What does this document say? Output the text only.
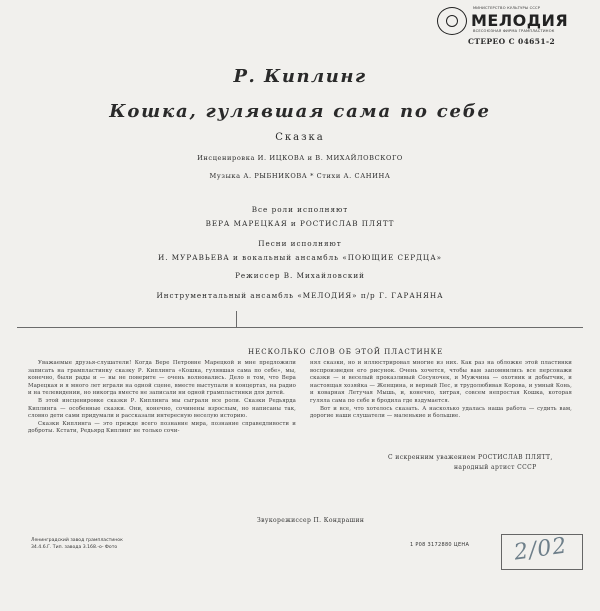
МИНИСТЕРСТВО КУЛЬТУРЫ СССР
МЕЛОДИЯ
ВСЕСОЮЗНАЯ ФИРМА ГРАМПЛАСТИНОК
СТЕРЕО С 04651-2
Р. Киплинг
Кошка, гулявшая сама по себе
Сказка
Инсценировка И. ИЦКОВА и В. МИХАЙЛОВСКОГО
Музыка А. РЫБНИКОВА * Стихи А. САНИНА
Все роли исполняют
ВЕРА МАРЕЦКАЯ и РОСТИСЛАВ ПЛЯТТ
Песни исполняют
И. МУРАВЬЕВА и вокальный ансамбль «ПОЮЩИЕ СЕРДЦА»
Режиссер В. Михайловский
Инструментальный ансамбль «МЕЛОДИЯ» п/р Г. ГАРАНЯНА
НЕСКОЛЬКО СЛОВ ОБ ЭТОЙ ПЛАСТИНКЕ

Уважаемые друзья-слушатели! Когда Вере Петровне Марецкой и мне предложили записать на грампластинку сказку Р. Киплинга «Кошка, гулявшая сама по себе», мы, конечно, были рады и — вы не поверите — очень волновались. Дело в том, что Вера Марецкая и я много лет играли на одной сцене, вместе выступали в концертах, на радио и на телевидении, но никогда вместе не записали ни одной грампластинки для детей.

В этой инсценировке сказки Р. Киплинга мы сыграли все роли. Сказки Редьярда Киплинга — особенные сказки. Они, конечно, сочинены взрослым, но написаны так, словно дети сами придумали и рассказали интересную веселую историю.

Сказки Киплинга — это прежде всего познание мира, познание справедливости и доброты. Кстати, Редьярд Киплинг не только сочи-

нял сказки, но и иллюстрировал многие из них. Как раз на обложке этой пластинки воспроизведен его рисунок. Очень хочется, чтобы вам запомнились все персонажи сказки — и веселый проказливый Сосуночек, и Мужчина — охотник и добытчик, и настоящая хозяйка — Женщина, и верный Пес, и трудолюбивая Корова, и умный Конь, и коварная Летучая Мышь, и, конечно, хитрая, совсем непростая Кошка, которая гуляла сама по себе и бродила где вздумается.

Вот и все, что хотелось сказать. А насколько удалась наша работа — судить вам, дорогие наши слушатели — маленькие и большие.

С искренним уважением РОСТИСЛАВ ПЛЯТТ,
народный артист СССР
Звукорежиссер П. Кондрашин
Ленинградский завод грампластинок
34.4.6.Г. Тип. завода 3.168.-о- Фото	1 Р08 3172880 ЦЕНА 2/02
